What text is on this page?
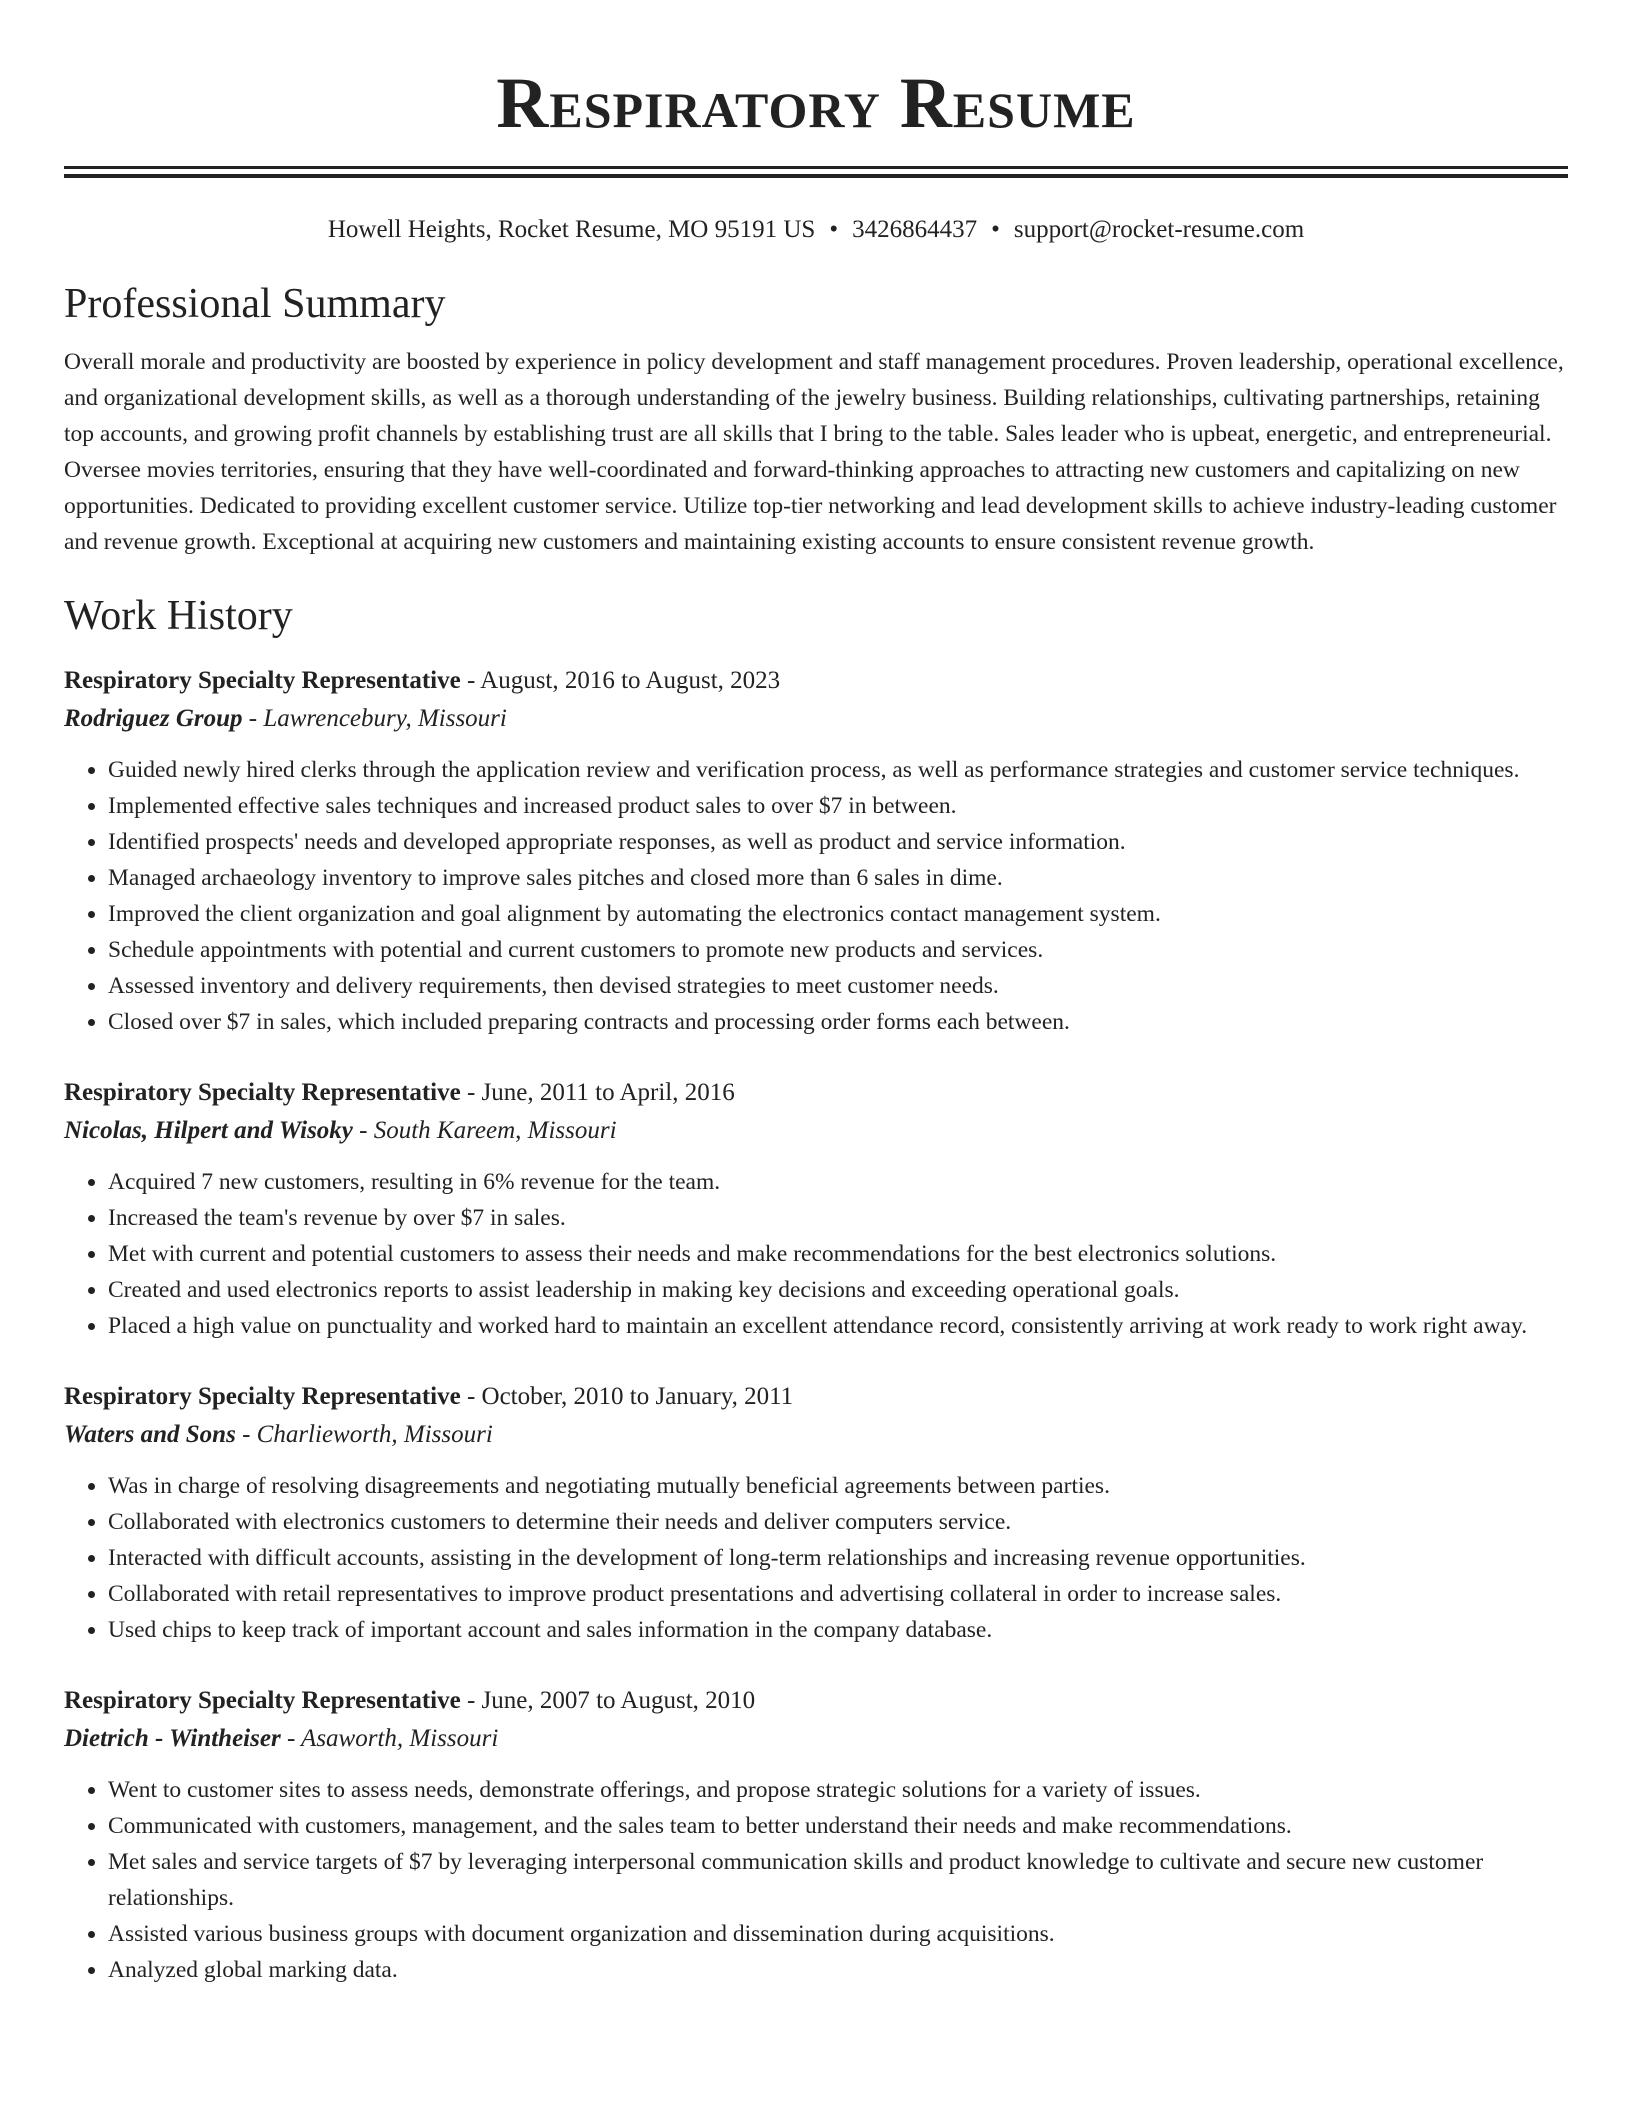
Respiratory Resume
Howell Heights, Rocket Resume, MO 95191 US • 3426864437 • support@rocket-resume.com
Professional Summary

Overall morale and productivity are boosted by experience in policy development and staff management procedures. Proven leadership, operational excellence, and organizational development skills, as well as a thorough understanding of the jewelry business. Building relationships, cultivating partnerships, retaining top accounts, and growing profit channels by establishing trust are all skills that I bring to the table. Sales leader who is upbeat, energetic, and entrepreneurial. Oversee movies territories, ensuring that they have well-coordinated and forward-thinking approaches to attracting new customers and capitalizing on new opportunities. Dedicated to providing excellent customer service. Utilize top-tier networking and lead development skills to achieve industry-leading customer and revenue growth. Exceptional at acquiring new customers and maintaining existing accounts to ensure consistent revenue growth.

Work History
Respiratory Specialty Representative - August, 2016 to August, 2023
Rodriguez Group - Lawrencebury, Missouri
• Guided newly hired clerks through the application review and verification process, as well as performance strategies and customer service techniques.
• Implemented effective sales techniques and increased product sales to over $7 in between.
• Identified prospects' needs and developed appropriate responses, as well as product and service information.
• Managed archaeology inventory to improve sales pitches and closed more than 6 sales in dime.
• Improved the client organization and goal alignment by automating the electronics contact management system.
• Schedule appointments with potential and current customers to promote new products and services.
• Assessed inventory and delivery requirements, then devised strategies to meet customer needs.
• Closed over $7 in sales, which included preparing contracts and processing order forms each between.
Respiratory Specialty Representative - June, 2011 to April, 2016
Nicolas, Hilpert and Wisoky - South Kareem, Missouri
• Acquired 7 new customers, resulting in 6% revenue for the team.
• Increased the team's revenue by over $7 in sales.
• Met with current and potential customers to assess their needs and make recommendations for the best electronics solutions.
• Created and used electronics reports to assist leadership in making key decisions and exceeding operational goals.
• Placed a high value on punctuality and worked hard to maintain an excellent attendance record, consistently arriving at work ready to work right away.
Respiratory Specialty Representative - October, 2010 to January, 2011
Waters and Sons - Charlieworth, Missouri
• Was in charge of resolving disagreements and negotiating mutually beneficial agreements between parties.
• Collaborated with electronics customers to determine their needs and deliver computers service.
• Interacted with difficult accounts, assisting in the development of long-term relationships and increasing revenue opportunities.
• Collaborated with retail representatives to improve product presentations and advertising collateral in order to increase sales.
• Used chips to keep track of important account and sales information in the company database.
Respiratory Specialty Representative - June, 2007 to August, 2010
Dietrich - Wintheiser - Asaworth, Missouri
• Went to customer sites to assess needs, demonstrate offerings, and propose strategic solutions for a variety of issues.
• Communicated with customers, management, and the sales team to better understand their needs and make recommendations.
• Met sales and service targets of $7 by leveraging interpersonal communication skills and product knowledge to cultivate and secure new customer relationships.
• Assisted various business groups with document organization and dissemination during acquisitions.
• Analyzed global marking data.
